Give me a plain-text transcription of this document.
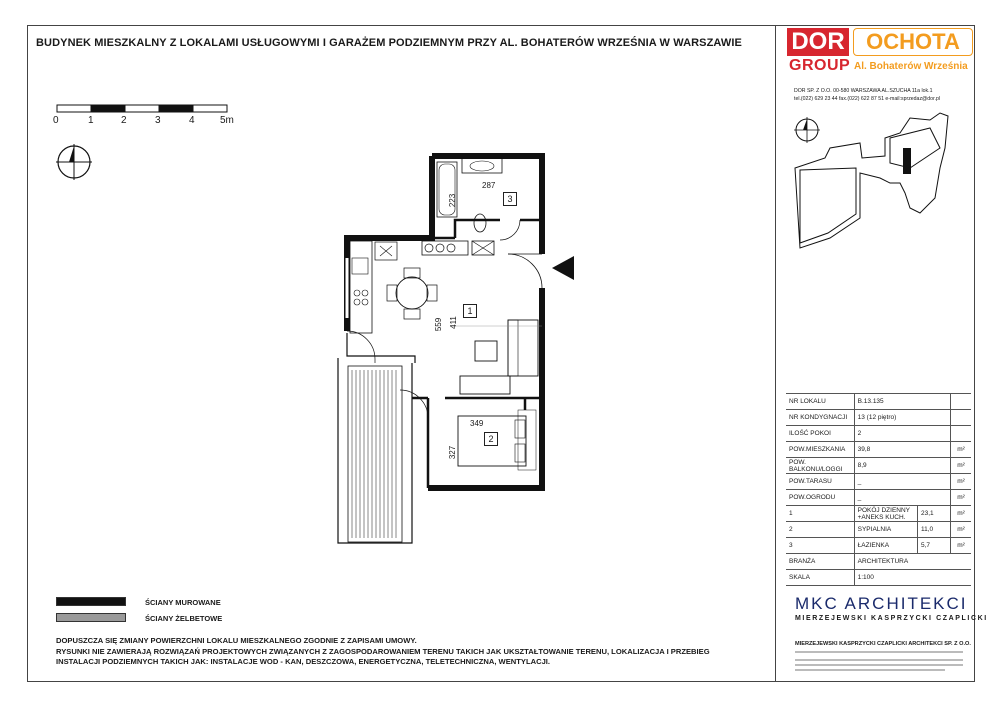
BUDYNEK MIESZKALNY Z LOKALAMI USŁUGOWYMI I GARAŻEM PODZIEMNYM PRZY AL. BOHATERÓW WRZEŚNIA W WARSZAWIE
0	1	2	3	4	5m
287
223
559 411
349
327
3
1
2
ŚCIANY MUROWANE
ŚCIANY ŻELBETOWE
DOPUSZCZA SIĘ ZMIANY POWIERZCHNI LOKALU MIESZKALNEGO ZGODNIE Z ZAPISAMI UMOWY.
RYSUNKI NIE ZAWIERAJĄ ROZWIĄZAŃ PROJEKTOWYCH ZWIĄZANYCH Z ZAGOSPODAROWANIEM TERENU TAKICH JAK UKSZTAŁTOWANIE TERENU, LOKALIZACJA I PRZEBIEG
INSTALACJI PODZIEMNYCH TAKICH JAK: INSTALACJE WOD - KAN, DESZCZOWA, ENERGETYCZNA, TELETECHNICZNA, WENTYLACJI.
DOR OCHOTA
GROUP Al. Bohaterów Września
DOR SP. Z O.O. 00-580 WARSZAWA AL.SZUCHA 11a lok.1
tel.(022) 629 23 44 fax.(022) 622 87 51 e-mail:sprzedaz@dor.pl
NR LOKALU	B.13.135		
NR KONDYGNACJI	13 (12 piętro)		
ILOŚĆ POKOI	2		
POW.MIESZKANIA	39,8		m²
POW. BALKONU/LOGGI	8,9		m²
POW.TARASU	_		m²
POW.OGRODU	_		m²
1	POKÓJ DZIENNY +ANEKS KUCH.	23,1	m²
2	SYPIALNIA	11,0	m²
3	ŁAZIENKA	5,7	m²
BRANŻA	ARCHITEKTURA		
SKALA	1:100		
MKC ARCHITEKCI
MIERZEJEWSKI KASPRZYCKI CZAPLICKI
MIERZEJEWSKI KASPRZYCKI CZAPLICKI ARCHITEKCI SP. Z O.O.
